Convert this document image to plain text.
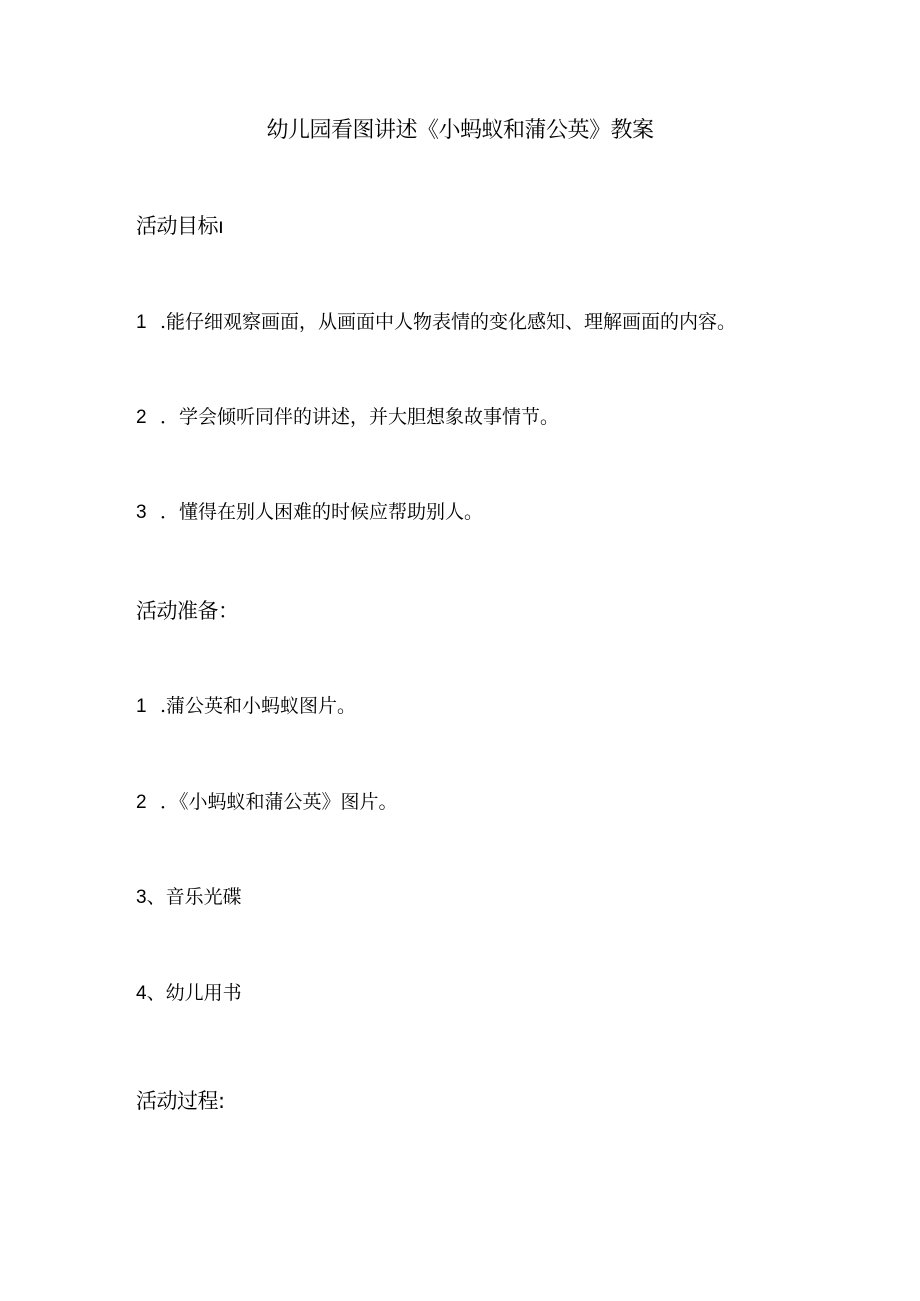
幼儿园看图讲述《小蚂蚁和蒲公英》教案
活动目标ı
1 .能仔细观察画面，从画面中人物表情的变化感知、理解画面的内容。
2 ．学会倾听同伴的讲述，并大胆想象故事情节。
3 ．懂得在别人困难的时候应帮助别人。
活动准备：
1 .蒲公英和小蚂蚁图片。
2 ．《小蚂蚁和蒲公英》图片。
3、音乐光碟
4、幼儿用书
活动过程:
